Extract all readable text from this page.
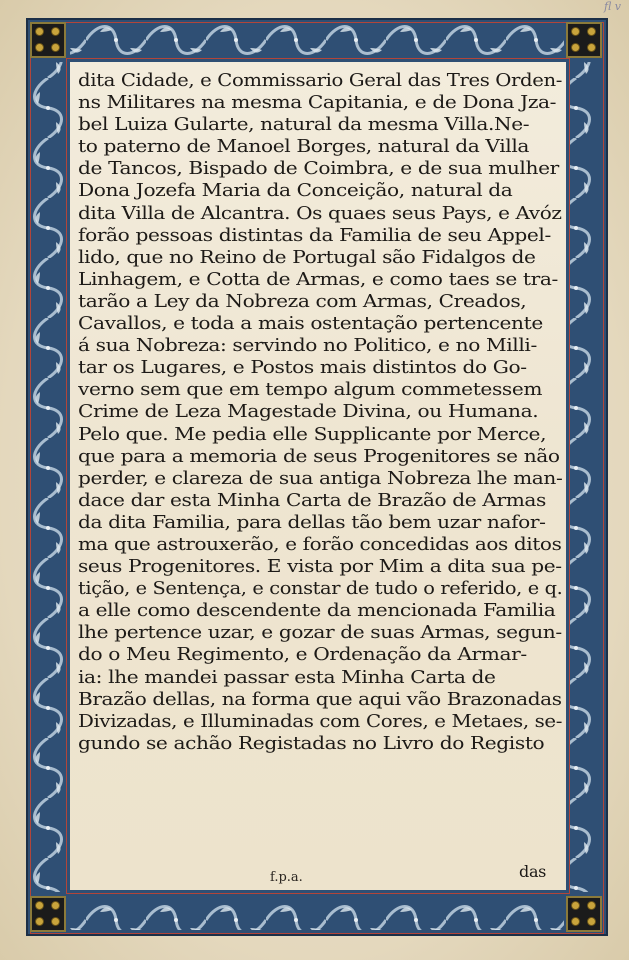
fl v
dita Cidade, e Commissario Geral das Tres Orden-
ns Militares na mesma Capitania, e de Dona Jza-
bel Luiza Gularte, natural da mesma Villa.Ne-
to paterno de Manoel Borges, natural da Villa
de Tancos, Bispado de Coimbra, e de sua mulher
Dona Jozefa Maria da Conceição, natural da
dita Villa de Alcantra. Os quaes seus Pays, e Avóz
forão pessoas distintas da Familia de seu Appel-
lido, que no Reino de Portugal são Fidalgos de
Linhagem, e Cotta de Armas, e como taes se tra-
tarão a Ley da Nobreza com Armas, Creados,
Cavallos, e toda a mais ostentação pertencente
á sua Nobreza: servindo no Politico, e no Milli-
tar os Lugares, e Postos mais distintos do Go-
verno sem que em tempo algum commetessem
Crime de Leza Magestade Divina, ou Humana.
Pelo que. Me pedia elle Supplicante por Merce,
que para a memoria de seus Progenitores se não
perder, e clareza de sua antiga Nobreza lhe man-
dace dar esta Minha Carta de Brazão de Armas
da dita Familia, para dellas tão bem uzar nafor-
ma que astrouxerão, e forão concedidas aos ditos
seus Progenitores. E vista por Mim a dita sua pe-
tição, e Sentença, e constar de tudo o referido, e q.
a elle como descendente da mencionada Familia
lhe pertence uzar, e gozar de suas Armas, segun-
do o Meu Regimento, e Ordenação da Armar-
ia: lhe mandei passar esta Minha Carta de
Brazão dellas, na forma que aqui vão Brazonadas
Divizadas, e Illuminadas com Cores, e Metaes, se-
gundo se achão Registadas no Livro do Registo
das
f.p.a.
